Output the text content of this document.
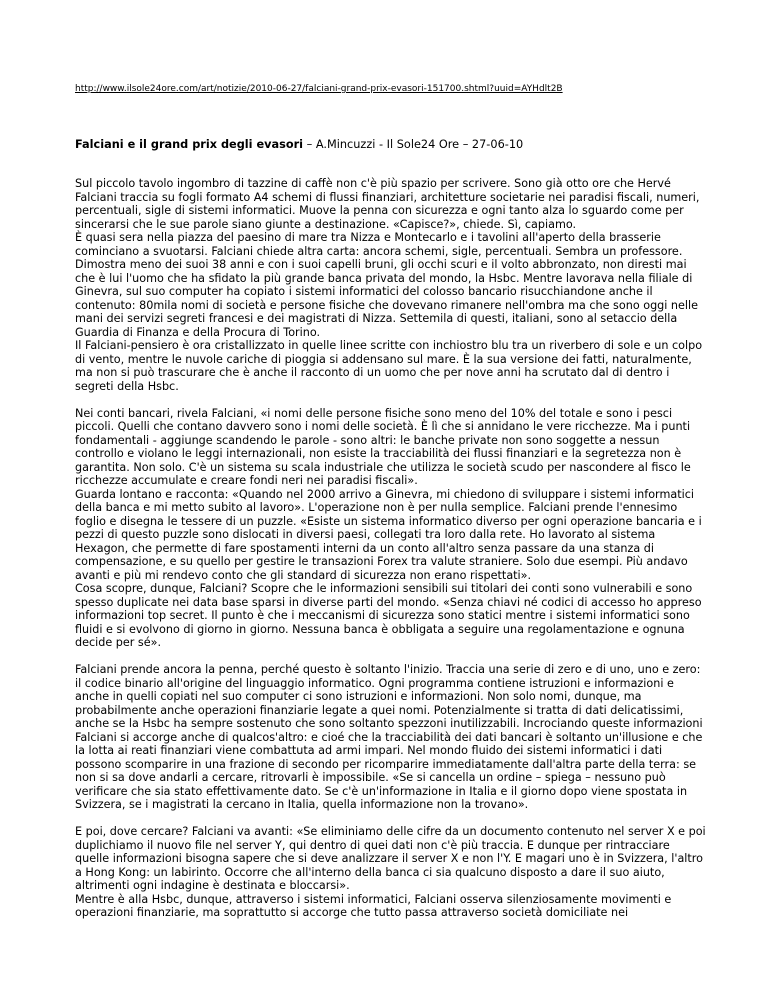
http://www.ilsole24ore.com/art/notizie/2010-06-27/falciani-grand-prix-evasori-151700.shtml?uuid=AYHdlt2B
Falciani e il grand prix degli evasori – A.Mincuzzi - Il Sole24 Ore – 27-06-10

Sul piccolo tavolo ingombro di tazzine di caffè non c'è più spazio per scrivere. Sono già otto ore che Hervé Falciani traccia su fogli formato A4 schemi di flussi finanziari, architetture societarie nei paradisi fiscali, numeri, percentuali, sigle di sistemi informatici. Muove la penna con sicurezza e ogni tanto alza lo sguardo come per sincerarsi che le sue parole siano giunte a destinazione. «Capisce?», chiede. Sì, capiamo.

È quasi sera nella piazza del paesino di mare tra Nizza e Montecarlo e i tavolini all'aperto della brasserie cominciano a svuotarsi. Falciani chiede altra carta: ancora schemi, sigle, percentuali. Sembra un professore. Dimostra meno dei suoi 38 anni e con i suoi capelli bruni, gli occhi scuri e il volto abbronzato, non diresti mai che è lui l'uomo che ha sfidato la più grande banca privata del mondo, la Hsbc. Mentre lavorava nella filiale di Ginevra, sul suo computer ha copiato i sistemi informatici del colosso bancario risucchiandone anche il contenuto: 80mila nomi di società e persone fisiche che dovevano rimanere nell'ombra ma che sono oggi nelle mani dei servizi segreti francesi e dei magistrati di Nizza. Settemila di questi, italiani, sono al setaccio della Guardia di Finanza e della Procura di Torino.

Il Falciani-pensiero è ora cristallizzato in quelle linee scritte con inchiostro blu tra un riverbero di sole e un colpo di vento, mentre le nuvole cariche di pioggia si addensano sul mare. È la sua versione dei fatti, naturalmente, ma non si può trascurare che è anche il racconto di un uomo che per nove anni ha scrutato dal di dentro i segreti della Hsbc.

Nei conti bancari, rivela Falciani, «i nomi delle persone fisiche sono meno del 10% del totale e sono i pesci piccoli. Quelli che contano davvero sono i nomi delle società. È lì che si annidano le vere ricchezze. Ma i punti fondamentali - aggiunge scandendo le parole - sono altri: le banche private non sono soggette a nessun controllo e violano le leggi internazionali, non esiste la tracciabilità dei flussi finanziari e la segretezza non è garantita. Non solo. C'è un sistema su scala industriale che utilizza le società scudo per nascondere al fisco le ricchezze accumulate e creare fondi neri nei paradisi fiscali».

Guarda lontano e racconta: «Quando nel 2000 arrivo a Ginevra, mi chiedono di sviluppare i sistemi informatici della banca e mi metto subito al lavoro». L'operazione non è per nulla semplice. Falciani prende l'ennesimo foglio e disegna le tessere di un puzzle. «Esiste un sistema informatico diverso per ogni operazione bancaria e i pezzi di questo puzzle sono dislocati in diversi paesi, collegati tra loro dalla rete. Ho lavorato al sistema Hexagon, che permette di fare spostamenti interni da un conto all'altro senza passare da una stanza di compensazione, e su quello per gestire le transazioni Forex tra valute straniere. Solo due esempi. Più andavo avanti e più mi rendevo conto che gli standard di sicurezza non erano rispettati».

Cosa scopre, dunque, Falciani? Scopre che le informazioni sensibili sui titolari dei conti sono vulnerabili e sono spesso duplicate nei data base sparsi in diverse parti del mondo. «Senza chiavi né codici di accesso ho appreso informazioni top secret. Il punto è che i meccanismi di sicurezza sono statici mentre i sistemi informatici sono fluidi e si evolvono di giorno in giorno. Nessuna banca è obbligata a seguire una regolamentazione e ognuna decide per sé».

Falciani prende ancora la penna, perché questo è soltanto l'inizio. Traccia una serie di zero e di uno, uno e zero: il codice binario all'origine del linguaggio informatico. Ogni programma contiene istruzioni e informazioni e anche in quelli copiati nel suo computer ci sono istruzioni e informazioni. Non solo nomi, dunque, ma probabilmente anche operazioni finanziarie legate a quei nomi. Potenzialmente si tratta di dati delicatissimi, anche se la Hsbc ha sempre sostenuto che sono soltanto spezzoni inutilizzabili. Incrociando queste informazioni Falciani si accorge anche di qualcos'altro: e cioé che la tracciabilità dei dati bancari è soltanto un'illusione e che la lotta ai reati finanziari viene combattuta ad armi impari. Nel mondo fluido dei sistemi informatici i dati possono scomparire in una frazione di secondo per ricomparire immediatamente dall'altra parte della terra: se non si sa dove andarli a cercare, ritrovarli è impossibile. «Se si cancella un ordine – spiega – nessuno può verificare che sia stato effettivamente dato. Se c'è un'informazione in Italia e il giorno dopo viene spostata in Svizzera, se i magistrati la cercano in Italia, quella informazione non la trovano».

E poi, dove cercare? Falciani va avanti: «Se eliminiamo delle cifre da un documento contenuto nel server X e poi duplichiamo il nuovo file nel server Y, qui dentro di quei dati non c'è più traccia. E dunque per rintracciare quelle informazioni bisogna sapere che si deve analizzare il server X e non l'Y. E magari uno è in Svizzera, l'altro a Hong Kong: un labirinto. Occorre che all'interno della banca ci sia qualcuno disposto a dare il suo aiuto, altrimenti ogni indagine è destinata e bloccarsi».

Mentre è alla Hsbc, dunque, attraverso i sistemi informatici, Falciani osserva silenziosamente movimenti e operazioni finanziarie, ma soprattutto si accorge che tutto passa attraverso società domiciliate nei
